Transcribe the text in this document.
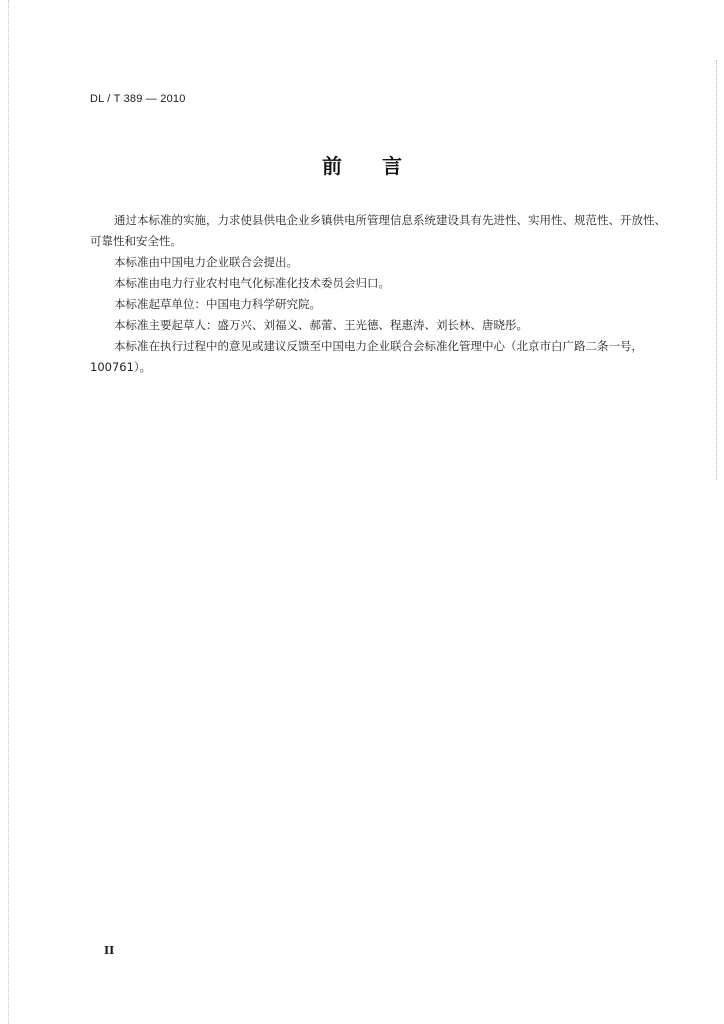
DL / T 389 — 2010
前 言

通过本标准的实施，力求使县供电企业乡镇供电所管理信息系统建设具有先进性、实用性、规范性、开放性、可靠性和安全性。

本标准由中国电力企业联合会提出。

本标准由电力行业农村电气化标准化技术委员会归口。

本标准起草单位：中国电力科学研究院。

本标准主要起草人：盛万兴、刘福义、郝蕾、王光德、程惠涛、刘长林、唐晓彤。

本标准在执行过程中的意见或建议反馈至中国电力企业联合会标准化管理中心（北京市白广路二条一号，100761）。

II
